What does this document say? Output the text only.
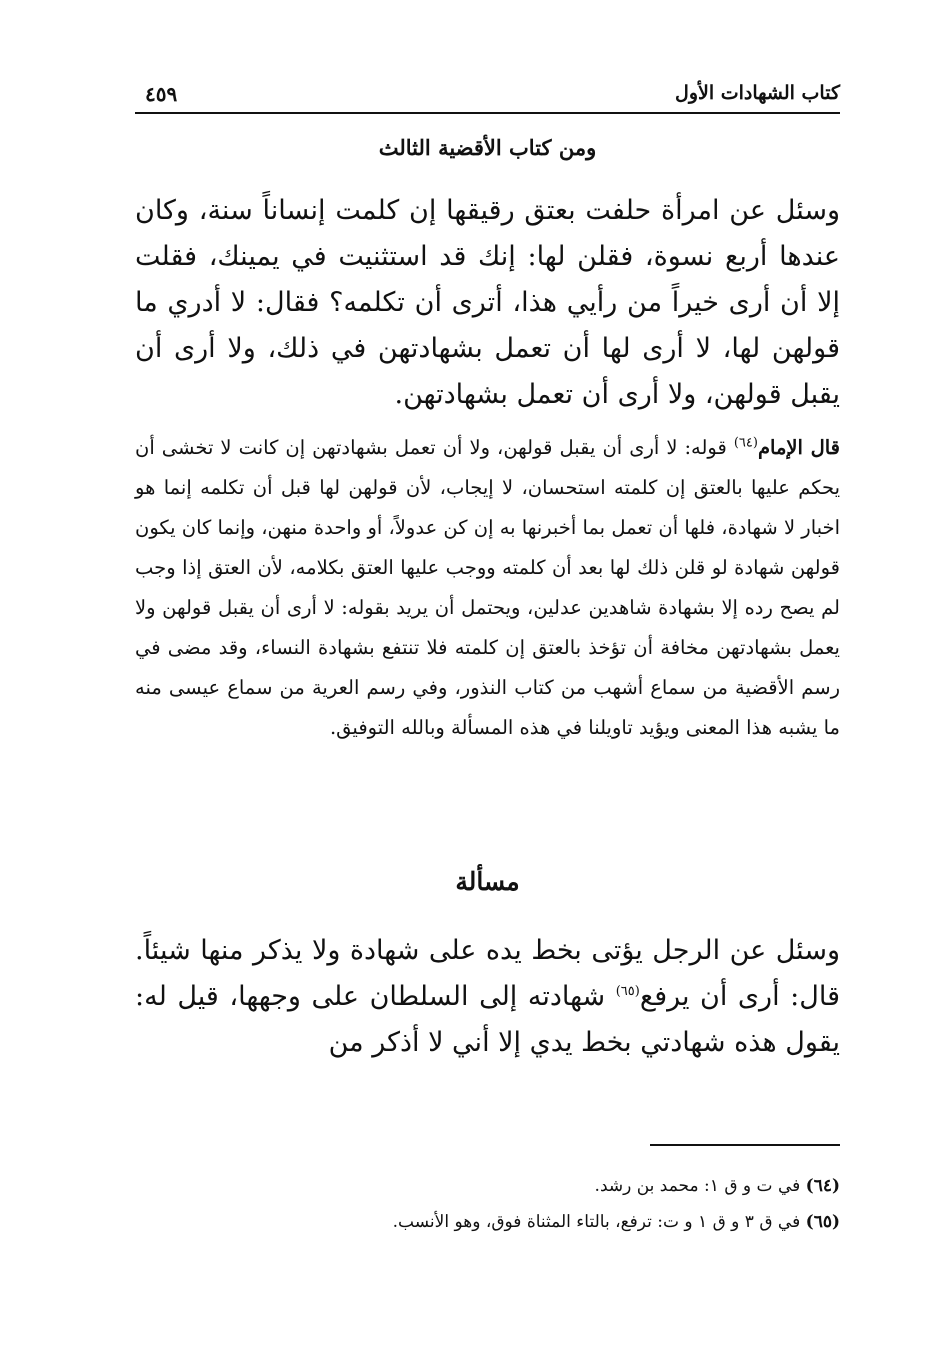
كتاب الشهادات الأول
٤٥٩
ومن كتاب الأقضية الثالث

وسئل عن امرأة حلفت بعتق رقيقها إن كلمت إنساناً سنة، وكان عندها أربع نسوة، فقلن لها: إنك قد استثنيت في يمينك، فقلت إلا أن أرى خيراً من رأيي هذا، أترى أن تكلمه؟ فقال: لا أدري ما قولهن لها، لا أرى لها أن تعمل بشهادتهن في ذلك، ولا أرى أن يقبل قولهن، ولا أرى أن تعمل بشهادتهن.

قال الإمام$^{(٦٤)}$ قوله: لا أرى أن يقبل قولهن، ولا أن تعمل بشهادتهن إن كانت لا تخشى أن يحكم عليها بالعتق إن كلمته استحسان، لا إيجاب، لأن قولهن لها قبل أن تكلمه إنما هو اخبار لا شهادة، فلها أن تعمل بما أخبرنها به إن كن عدولاً، أو واحدة منهن، وإنما كان يكون قولهن شهادة لو قلن ذلك لها بعد أن كلمته ووجب عليها العتق بكلامه، لأن العتق إذا وجب لم يصح رده إلا بشهادة شاهدين عدلين، ويحتمل أن يريد بقوله: لا أرى أن يقبل قولهن ولا يعمل بشهادتهن مخافة أن تؤخذ بالعتق إن كلمته فلا تنتفع بشهادة النساء، وقد مضى في رسم الأقضية من سماع أشهب من كتاب النذور، وفي رسم العرية من سماع عيسى منه ما يشبه هذا المعنى ويؤيد تاويلنا في هذه المسألة وبالله التوفيق.

مسألة

وسئل عن الرجل يؤتى بخط يده على شهادة ولا يذكر منها شيئاً. قال: أرى أن يرفع$^{(٦٥)}$ شهادته إلى السلطان على وجهها، قيل له: يقول هذه شهادتي بخط يدي إلا أني لا أذكر من

(٦٤) في ت و ق ١: محمد بن رشد.
(٦٥) في ق ٣ و ق ١ و ت: ترفع، بالتاء المثناة فوق، وهو الأنسب.
